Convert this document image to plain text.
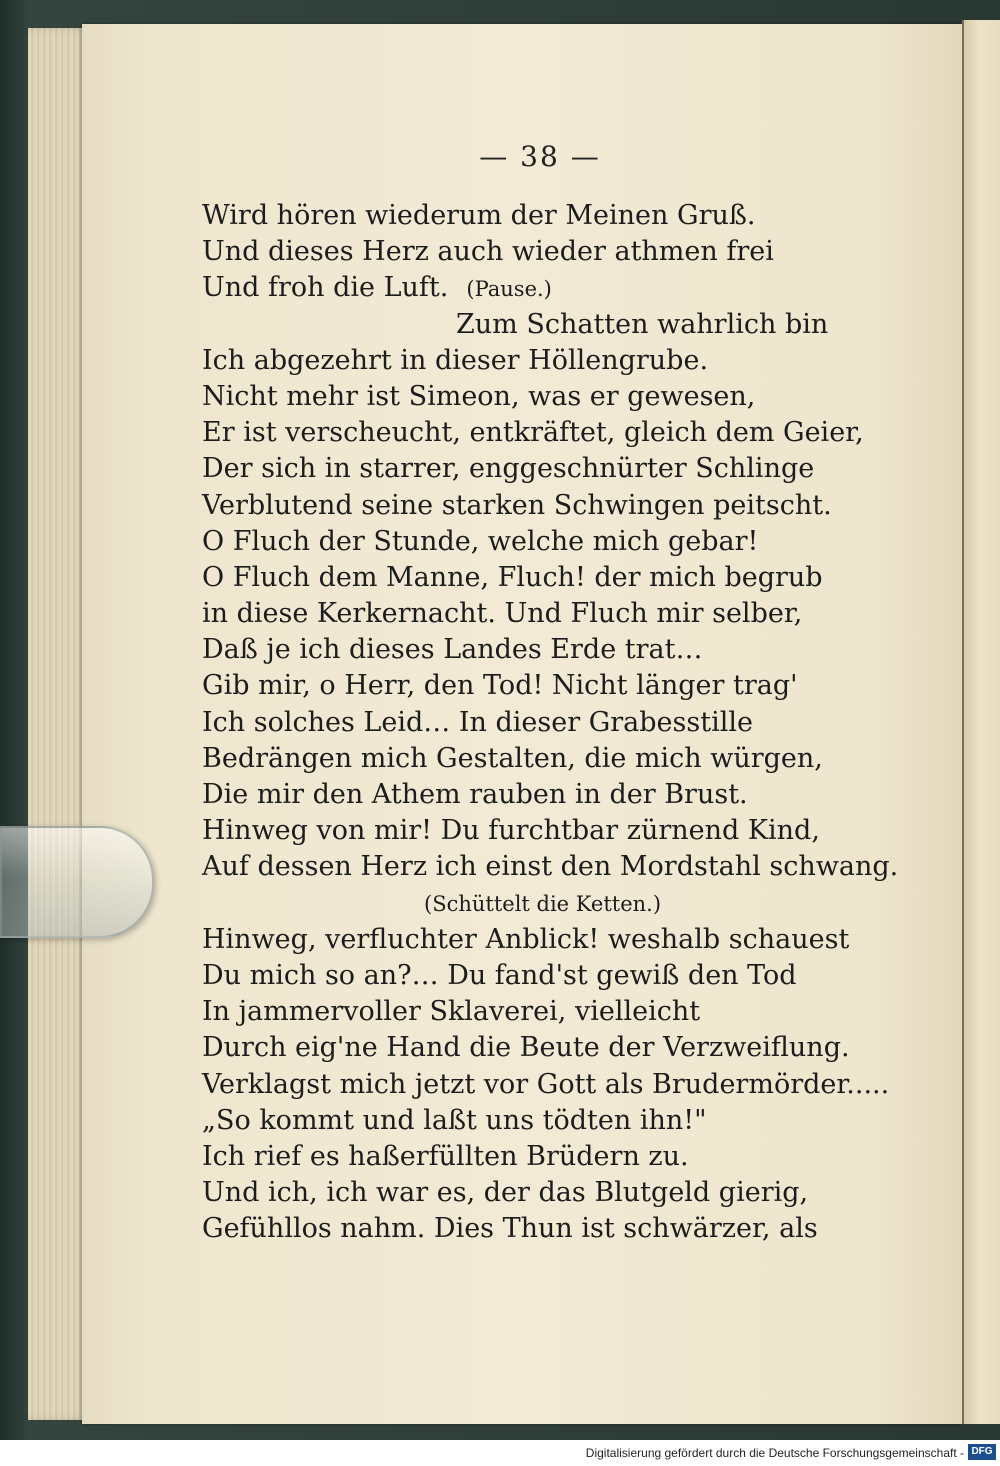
— 38 —
Wird hören wiederum der Meinen Gruß.
Und dieses Herz auch wieder athmen frei
Und froh die Luft. (Pause.)
Zum Schatten wahrlich bin
Ich abgezehrt in dieser Höllengrube.
Nicht mehr ist Simeon, was er gewesen,
Er ist verscheucht, entkräftet, gleich dem Geier,
Der sich in starrer, enggeschnürter Schlinge
Verblutend seine starken Schwingen peitscht.
O Fluch der Stunde, welche mich gebar!
O Fluch dem Manne, Fluch! der mich begrub
in diese Kerkernacht. Und Fluch mir selber,
Daß je ich dieses Landes Erde trat…
Gib mir, o Herr, den Tod! Nicht länger trag'
Ich solches Leid… In dieser Grabesstille
Bedrängen mich Gestalten, die mich würgen,
Die mir den Athem rauben in der Brust.
Hinweg von mir! Du furchtbar zürnend Kind,
Auf dessen Herz ich einst den Mordstahl schwang.
(Schüttelt die Ketten.)
Hinweg, verfluchter Anblick! weshalb schauest
Du mich so an?… Du fand'st gewiß den Tod
In jammervoller Sklaverei, vielleicht
Durch eig'ne Hand die Beute der Verzweiflung.
Verklagst mich jetzt vor Gott als Brudermörder.....
„So kommt und laßt uns tödten ihn!"
Ich rief es haßerfüllten Brüdern zu.
Und ich, ich war es, der das Blutgeld gierig,
Gefühllos nahm. Dies Thun ist schwärzer, als
Digitalisierung gefördert durch die Deutsche Forschungsgemeinschaft - DFG
